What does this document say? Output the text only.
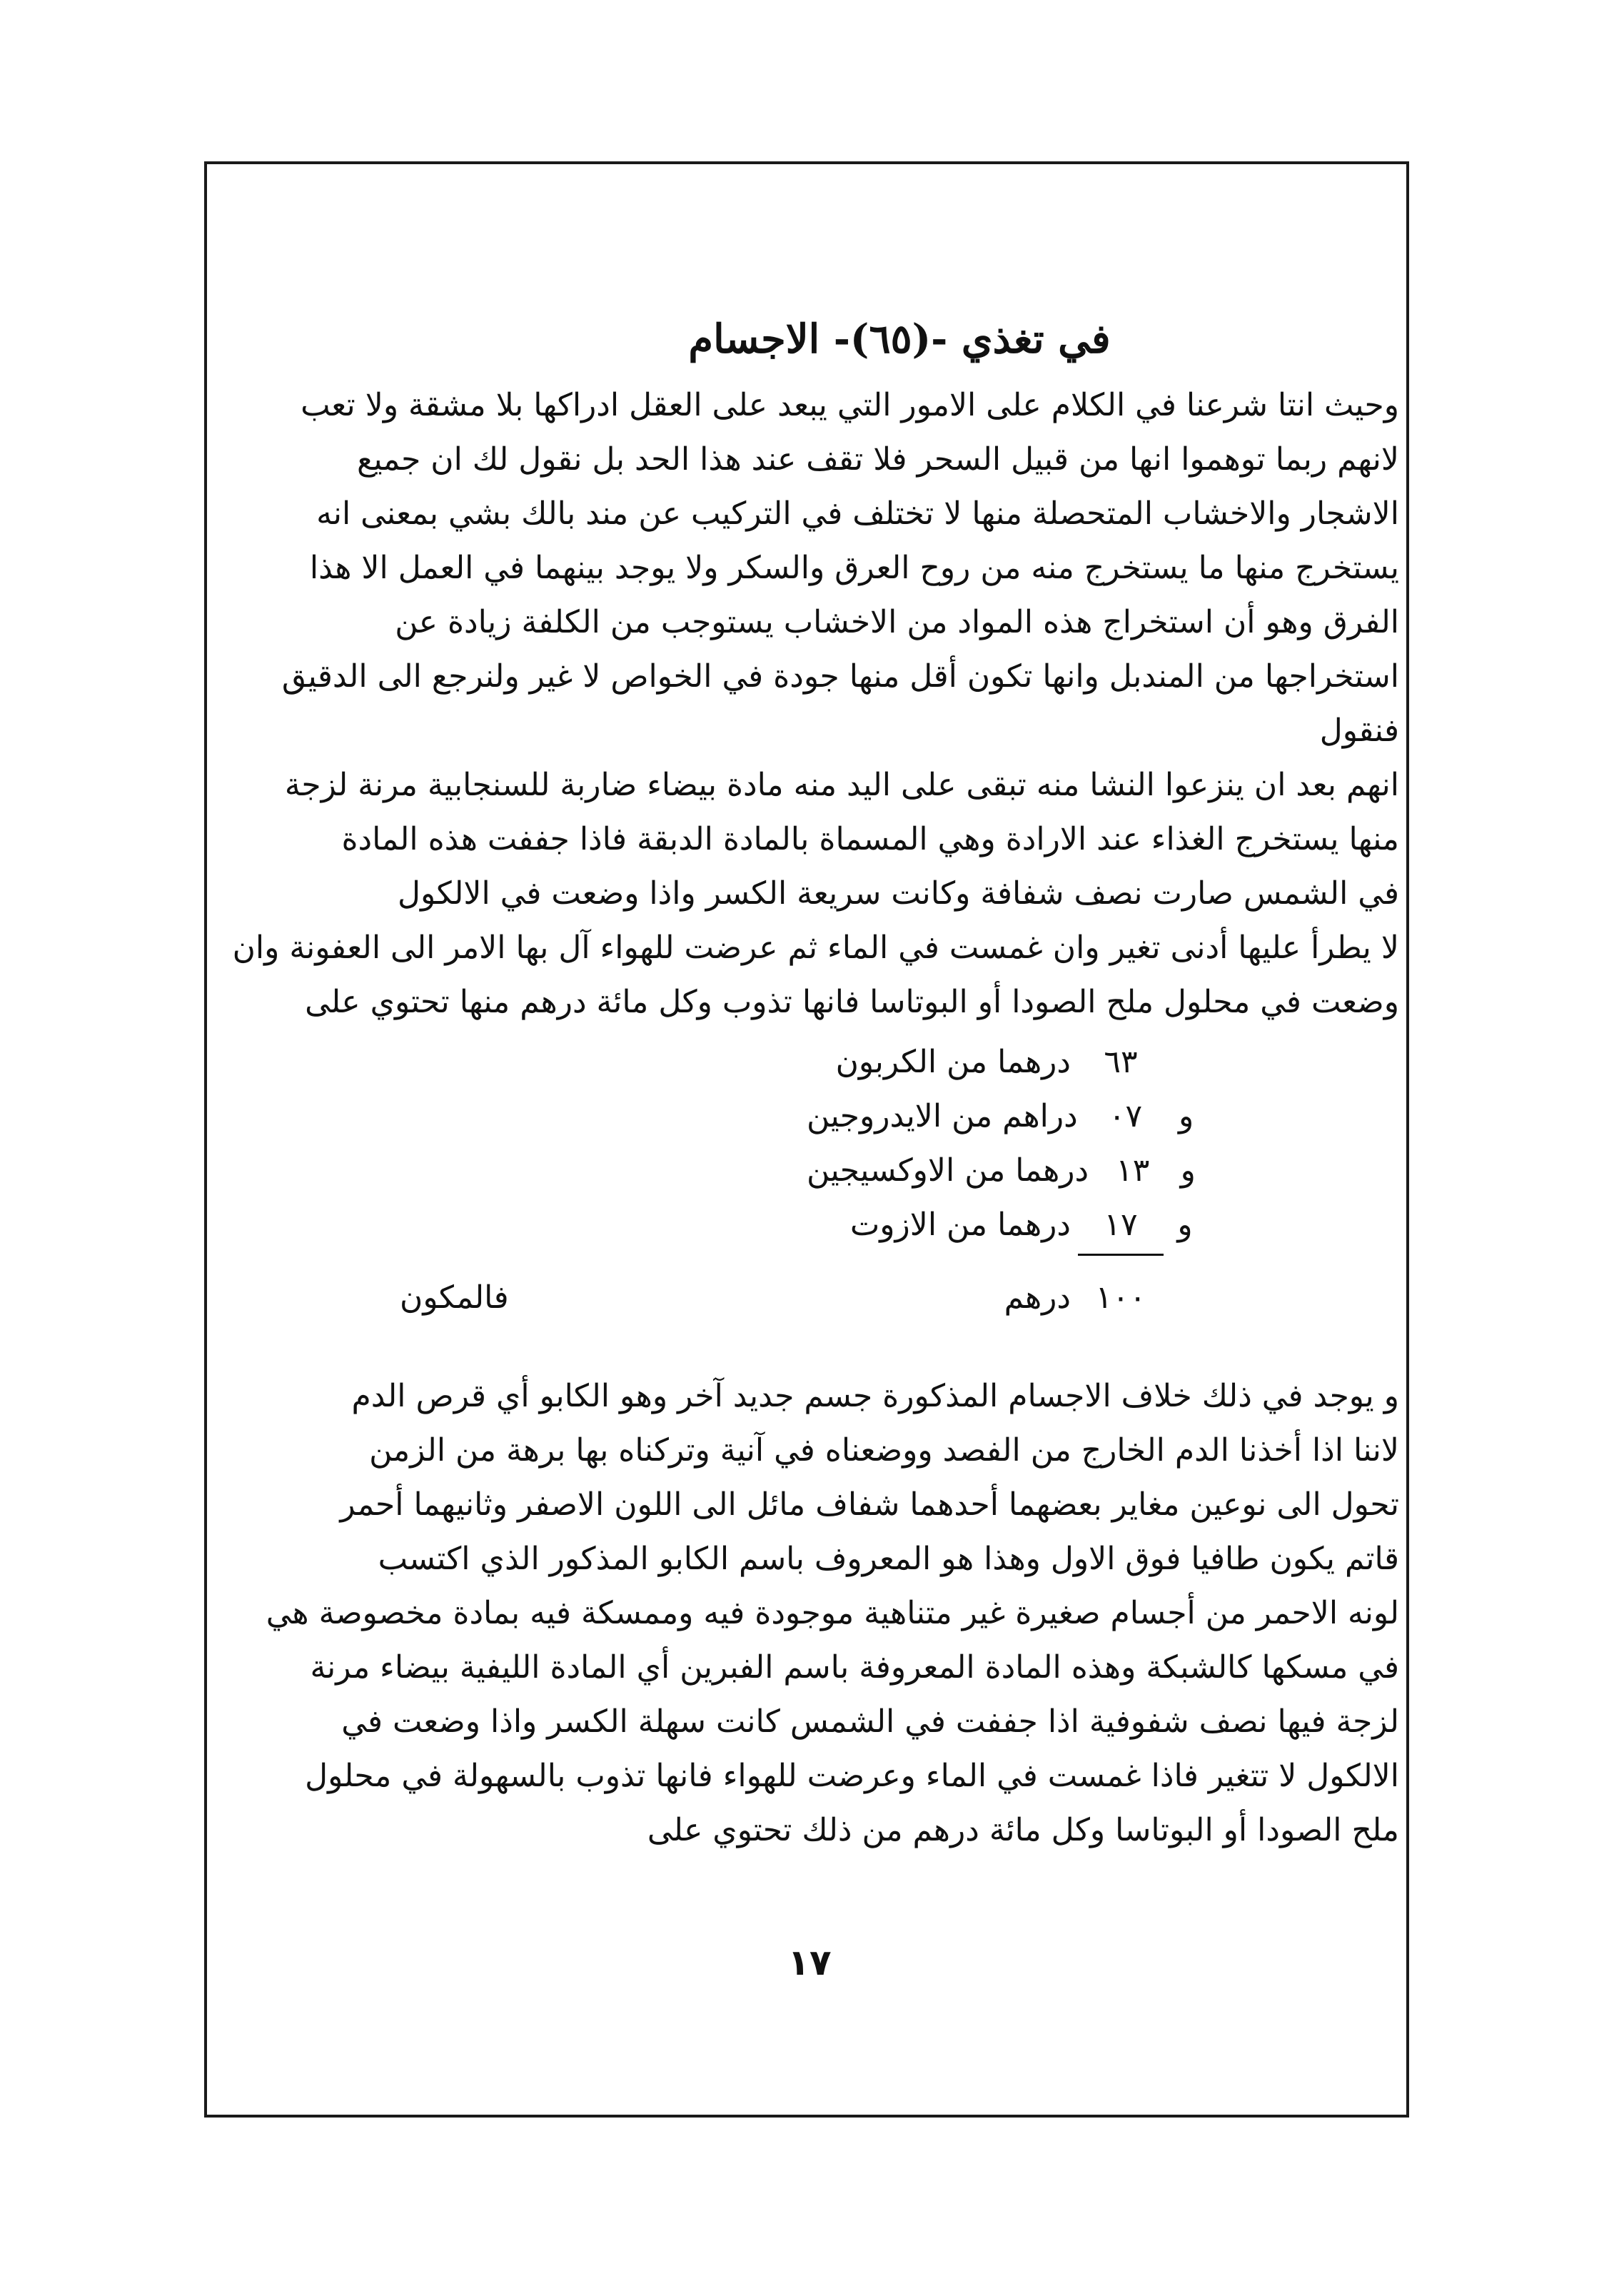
في تغذي -(٦٥)- الاجسام
وحيث انتا شرعنا في الكلام على الامور التي يبعد على العقل ادراكها بلا مشقة ولا تعب
لانهم ربما توهموا انها من قبيل السحر فلا تقف عند هذا الحد بل نقول لك ان جميع
الاشجار والاخشاب المتحصلة منها لا تختلف في التركيب عن مند بالك بشي بمعنى انه
يستخرج منها ما يستخرج منه من روح العرق والسكر ولا يوجد بينهما في العمل الا هذا
الفرق وهو أن استخراج هذه المواد من الاخشاب يستوجب من الكلفة زيادة عن
استخراجها من المندبل وانها تكون أقل منها جودة في الخواص لا غير ولنرجع الى الدقيق
فنقول
انهم بعد ان ينزعوا النشا منه تبقى على اليد منه مادة بيضاء ضاربة للسنجابية مرنة لزجة
منها يستخرج الغذاء عند الارادة وهي المسماة بالمادة الدبقة فاذا جففت هذه المادة
في الشمس صارت نصف شفافة وكانت سريعة الكسر واذا وضعت في الالكول
لا يطرأ عليها أدنى تغير وان غمست في الماء ثم عرضت للهواء آل بها الامر الى العفونة وان
وضعت في محلول ملح الصودا أو البوتاسا فانها تذوب وكل مائة درهم منها تحتوي على
٦٣
درهما من الكربون
و
٠٧
دراهم من الايدروجين
و
١٣
درهما من الاوكسيجين
و
١٧
درهما من الازوت
١٠٠
درهم
فالمكون
و يوجد في ذلك خلاف الاجسام المذكورة جسم جديد آخر وهو الكابو أي قرص الدم
لاننا اذا أخذنا الدم الخارج من الفصد ووضعناه في آنية وتركناه بها برهة من الزمن
تحول الى نوعين مغاير بعضهما أحدهما شفاف مائل الى اللون الاصفر وثانيهما أحمر
قاتم يكون طافيا فوق الاول وهذا هو المعروف باسم الكابو المذكور الذي اكتسب
لونه الاحمر من أجسام صغيرة غير متناهية موجودة فيه وممسكة فيه بمادة مخصوصة هي
في مسكها كالشبكة وهذه المادة المعروفة باسم الفبرين أي المادة الليفية بيضاء مرنة
لزجة فيها نصف شفوفية اذا جففت في الشمس كانت سهلة الكسر واذا وضعت في
الالكول لا تتغير فاذا غمست في الماء وعرضت للهواء فانها تذوب بالسهولة في محلول
ملح الصودا أو البوتاسا وكل مائة درهم من ذلك تحتوي على
١٧
